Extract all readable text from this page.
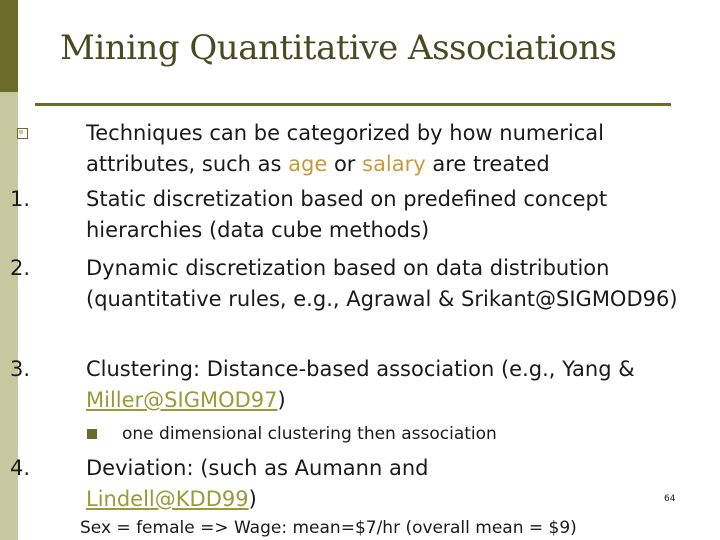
Mining Quantitative Associations
Techniques can be categorized by how numerical attributes, such as age or salary are treated
1.	Static discretization based on predefined concept hierarchies (data cube methods)
2.	Dynamic discretization based on data distribution (quantitative rules, e.g., Agrawal & Srikant@SIGMOD96)
3.	Clustering: Distance-based association (e.g., Yang & Miller@SIGMOD97)
one dimensional clustering then association
4.	Deviation: (such as Aumann and Lindell@KDD99)	64
Sex = female => Wage: mean=$7/hr (overall mean = $9)
